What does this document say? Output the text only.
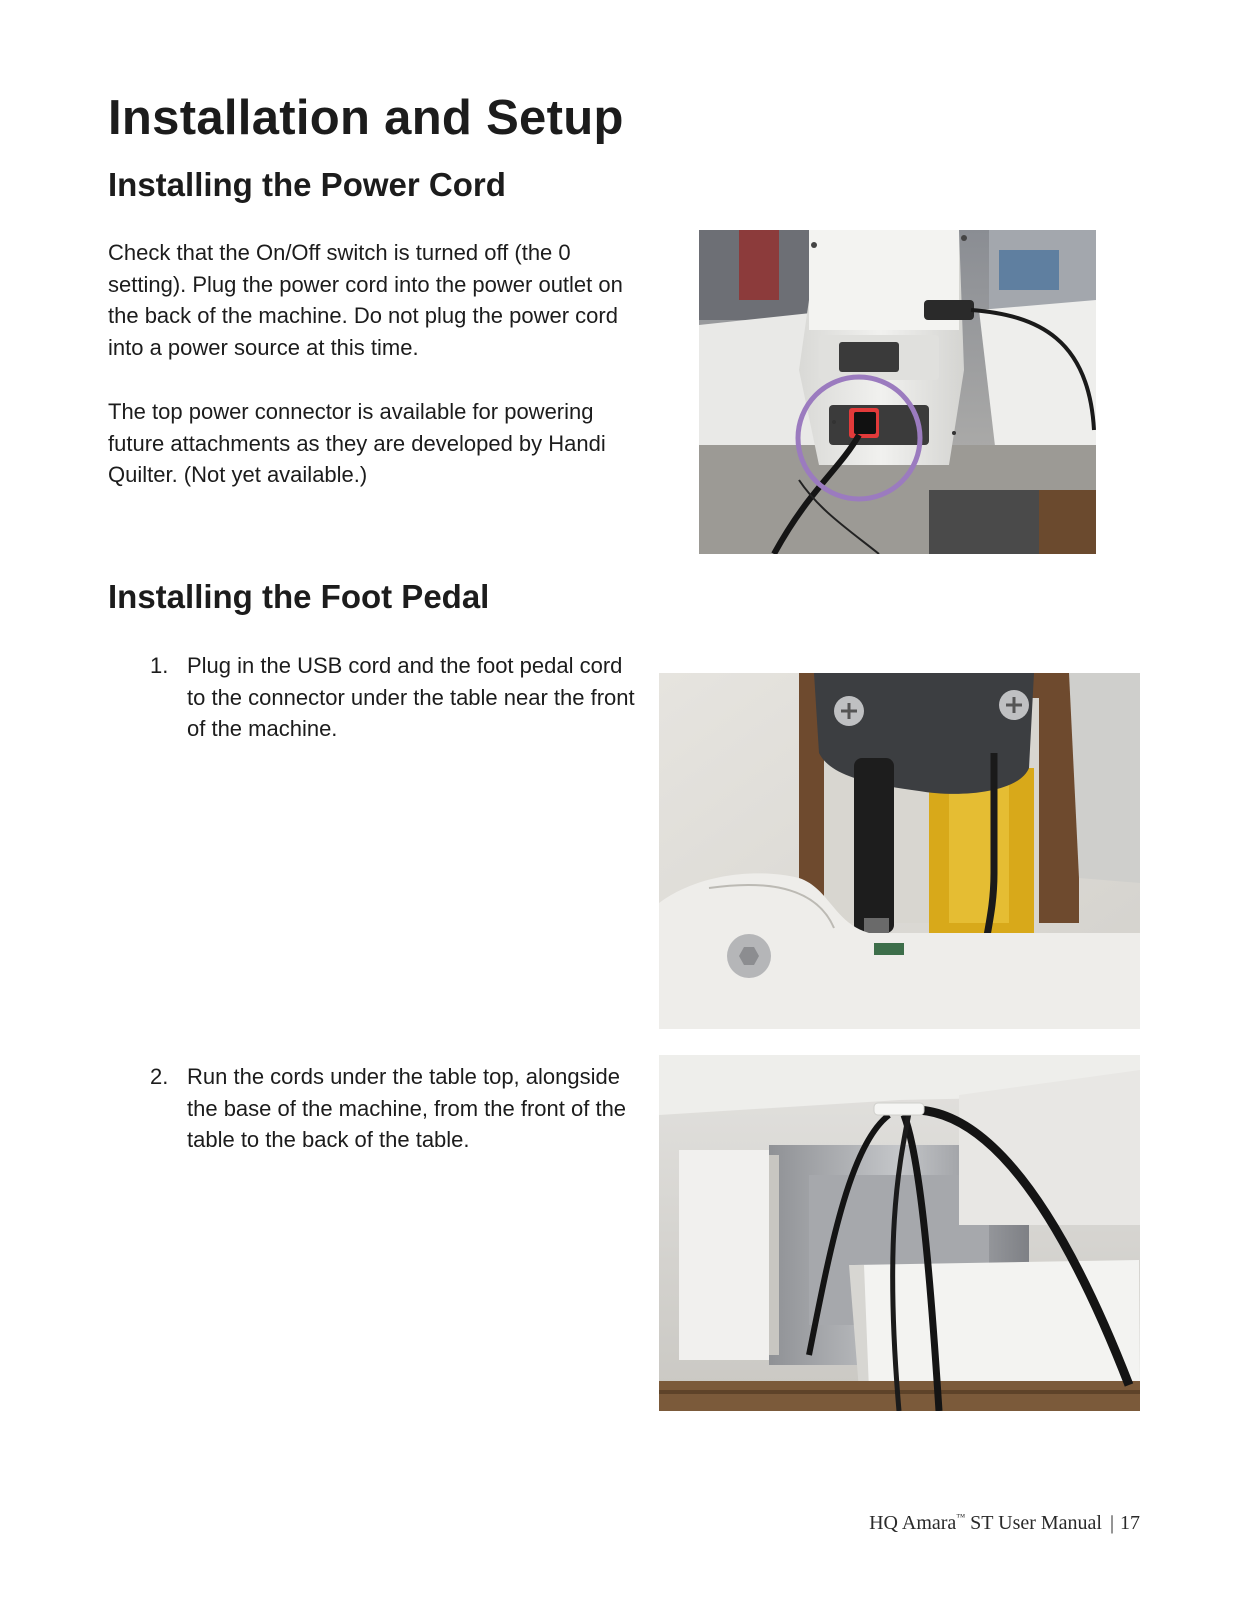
Installation and Setup
Installing the Power Cord

Check that the On/Off switch is turned off (the 0 setting). Plug the power cord into the power outlet on the back of the machine. Do not plug the power cord into a power source at this time.

The top power connector is available for powering future attachments as they are developed by Handi Quilter. (Not yet available.)

Installing the Foot Pedal
1. Plug in the USB cord and the foot pedal cord to the connector under the table near the front of the machine.

2. Run the cords under the table top, alongside the base of the machine, from the front of the table to the back of the table.

HQ Amara™ ST User Manual | 17
